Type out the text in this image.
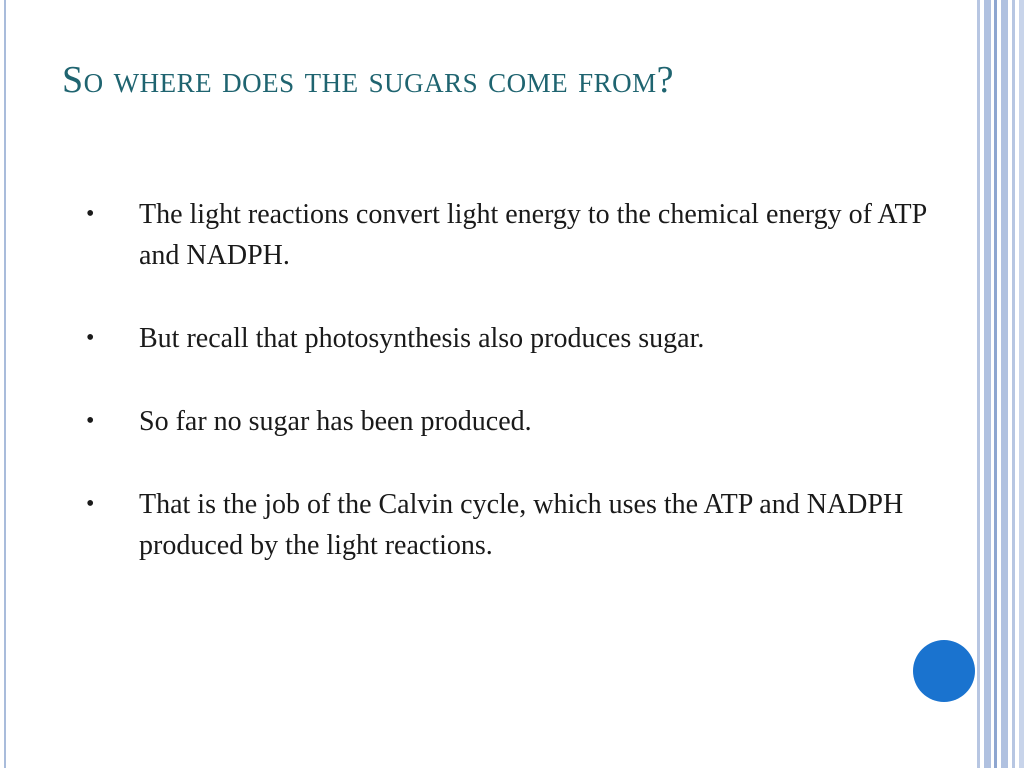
So where does the sugars come from?
• The light reactions convert light energy to the chemical energy of ATP and NADPH.
• But recall that photosynthesis also produces sugar.
• So far no sugar has been produced.
• That is the job of the Calvin cycle, which uses the ATP and NADPH produced by the light reactions.
